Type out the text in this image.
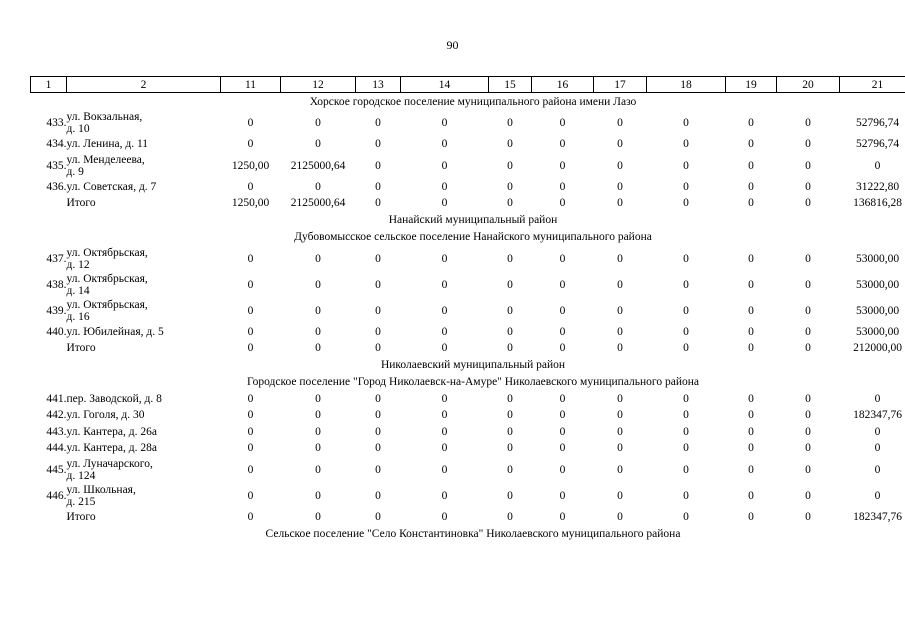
90
1	2	11	12	13	14	15	16	17	18	19	20	21
Хорское городское поселение муниципального района имени Лазо												
433.	ул. Вокзальная,
д. 10	0	0	0	0	0	0	0	0	0	0	52796,74
434.	ул. Ленина, д. 11	0	0	0	0	0	0	0	0	0	0	52796,74
435.	ул. Менделеева,
д. 9	1250,00	2125000,64	0	0	0	0	0	0	0	0	0
436.	ул. Советская, д. 7	0	0	0	0	0	0	0	0	0	0	31222,80
	Итого	1250,00	2125000,64	0	0	0	0	0	0	0	0	136816,28
Нанайский муниципальный район												
Дубовомысское сельское поселение Нанайского муниципального района												
437.	ул. Октябрьская,
д. 12	0	0	0	0	0	0	0	0	0	0	53000,00
438.	ул. Октябрьская,
д. 14	0	0	0	0	0	0	0	0	0	0	53000,00
439.	ул. Октябрьская,
д. 16	0	0	0	0	0	0	0	0	0	0	53000,00
440.	ул. Юбилейная, д. 5	0	0	0	0	0	0	0	0	0	0	53000,00
	Итого	0	0	0	0	0	0	0	0	0	0	212000,00
Николаевский муниципальный район												
Городское поселение "Город Николаевск-на-Амуре" Николаевского муниципального района												
441.	пер. Заводской, д. 8	0	0	0	0	0	0	0	0	0	0	0
442.	ул. Гоголя, д. 30	0	0	0	0	0	0	0	0	0	0	182347,76
443.	ул. Кантера, д. 26а	0	0	0	0	0	0	0	0	0	0	0
444.	ул. Кантера, д. 28а	0	0	0	0	0	0	0	0	0	0	0
445.	ул. Луначарского,
д. 124	0	0	0	0	0	0	0	0	0	0	0
446.	ул. Школьная,
д. 215	0	0	0	0	0	0	0	0	0	0	0
	Итого	0	0	0	0	0	0	0	0	0	0	182347,76
Сельское поселение "Село Константиновка" Николаевского муниципального района												
